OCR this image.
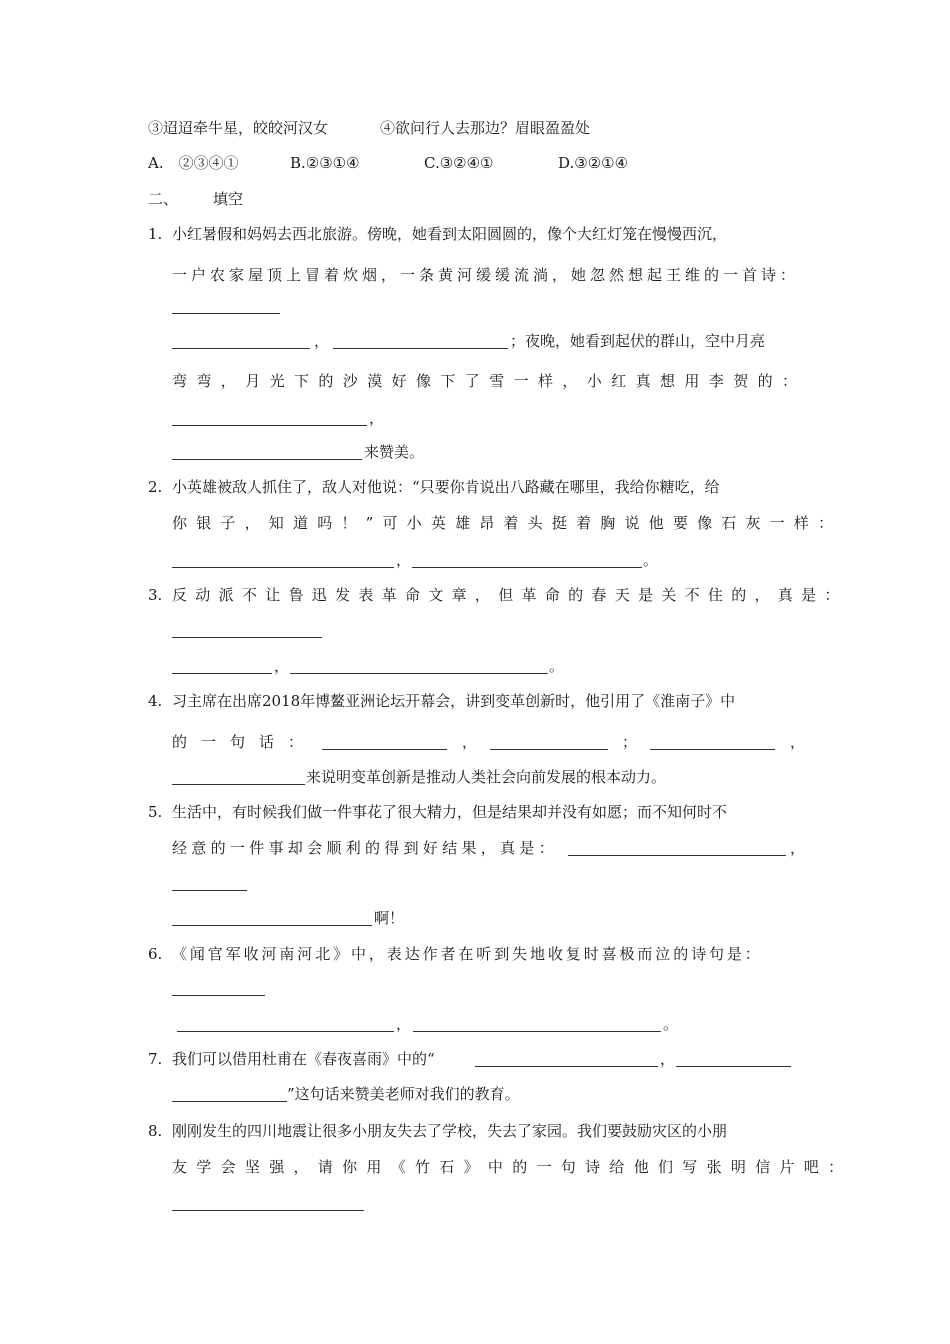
③迢迢牵牛星，皎皎河汉女	④欲问行人去那边？眉眼盈盈处
A.　②③④①	B.②③①④	C.③②④①	D.③②①④
二、 填空
1. 小红暑假和妈妈去西北旅游。傍晚，她看到太阳圆圆的，像个大红灯笼在慢慢西沉，
一户农家屋顶上冒着炊烟，一条黄河缓缓流淌，她忽然想起王维的一首诗：
，	；夜晚，她看到起伏的群山，空中月亮
弯弯，月光下的沙漠好像下了雪一样，小红真想用李贺的：
，
来赞美。
2. 小英雄被敌人抓住了，敌人对他说：“只要你肯说出八路藏在哪里，我给你糖吃，给
你银子，知道吗！”可小英雄昂着头挺着胸说他要像石灰一样：
，	。
3. 反动派不让鲁迅发表革命文章，但革命的春天是关不住的，真是：
，	。
4. 习主席在出席2018年博鳌亚洲论坛开幕会，讲到变革创新时，他引用了《淮南子》中
的一句话：	，	；	，
来说明变革创新是推动人类社会向前发展的根本动力。
5. 生活中，有时候我们做一件事花了很大精力，但是结果却并没有如愿；而不知何时不
经意的一件事却会顺利的得到好结果，真是：	，
啊！
6. 《闻官军收河南河北》中，表达作者在听到失地收复时喜极而泣的诗句是：
，	。
7. 我们可以借用杜甫在《春夜喜雨》中的“	，
”这句话来赞美老师对我们的教育。
8. 刚刚发生的四川地震让很多小朋友失去了学校，失去了家园。我们要鼓励灾区的小朋
友学会坚强，请你用《竹石》中的一句诗给他们写张明信片吧：
